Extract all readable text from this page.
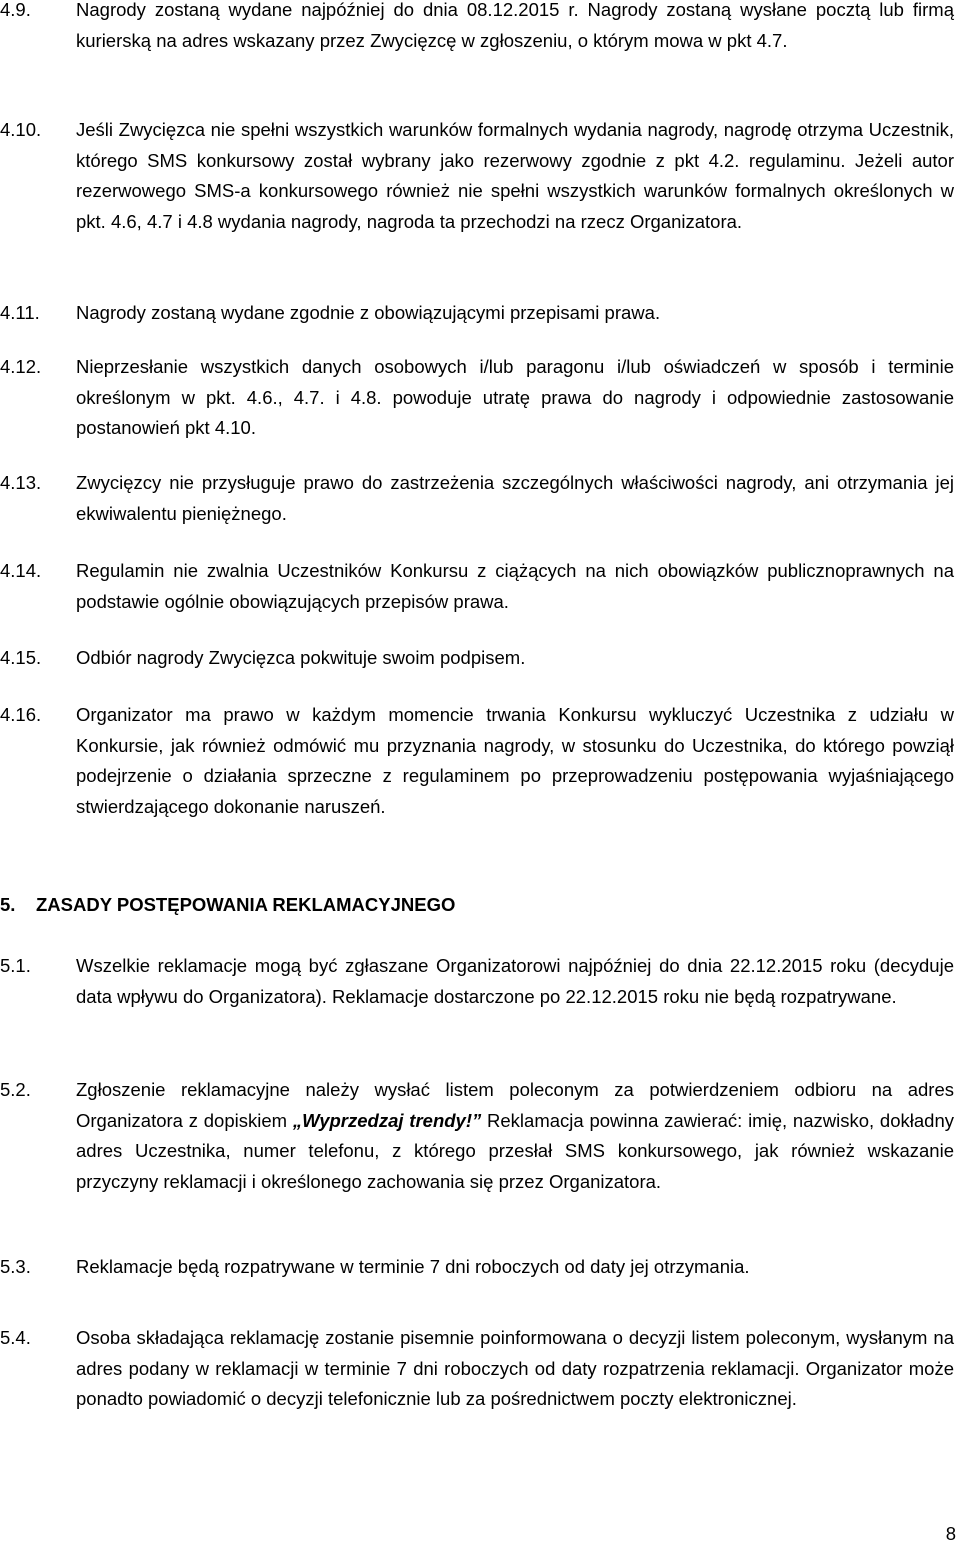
4.9.	Nagrody zostaną wydane najpóźniej do dnia 08.12.2015 r. Nagrody zostaną wysłane pocztą lub firmą kurierską na adres wskazany przez Zwycięzcę w zgłoszeniu, o którym mowa w pkt 4.7.

4.10.	Jeśli Zwycięzca nie spełni wszystkich warunków formalnych wydania nagrody, nagrodę otrzyma Uczestnik, którego SMS konkursowy został wybrany jako rezerwowy zgodnie z pkt 4.2. regulaminu. Jeżeli autor rezerwowego SMS-a konkursowego również nie spełni wszystkich warunków formalnych określonych w pkt. 4.6, 4.7 i 4.8 wydania nagrody, nagroda ta przechodzi na rzecz Organizatora.

4.11.	Nagrody zostaną wydane zgodnie z obowiązującymi przepisami prawa.

4.12.	Nieprzesłanie wszystkich danych osobowych i/lub paragonu i/lub oświadczeń w sposób i terminie określonym w pkt. 4.6., 4.7. i 4.8. powoduje utratę prawa do nagrody i odpowiednie zastosowanie postanowień pkt 4.10.

4.13.	Zwycięzcy nie przysługuje prawo do zastrzeżenia szczególnych właściwości nagrody, ani otrzymania jej ekwiwalentu pieniężnego.

4.14.	Regulamin nie zwalnia Uczestników Konkursu z ciążących na nich obowiązków publicznoprawnych na podstawie ogólnie obowiązujących przepisów prawa.

4.15.	Odbiór nagrody Zwycięzca pokwituje swoim podpisem.

4.16.	Organizator ma prawo w każdym momencie trwania Konkursu wykluczyć Uczestnika z udziału w Konkursie, jak również odmówić mu przyznania nagrody, w stosunku do Uczestnika, do którego powziął podejrzenie o działania sprzeczne z regulaminem po przeprowadzeniu postępowania wyjaśniającego stwierdzającego dokonanie naruszeń.

5.	ZASADY POSTĘPOWANIA REKLAMACYJNEGO
5.1.	Wszelkie reklamacje mogą być zgłaszane Organizatorowi najpóźniej do dnia 22.12.2015 roku (decyduje data wpływu do Organizatora). Reklamacje dostarczone po 22.12.2015 roku nie będą rozpatrywane.

5.2.	Zgłoszenie reklamacyjne należy wysłać listem poleconym za potwierdzeniem odbioru na adres Organizatora z dopiskiem „Wyprzedzaj trendy!” Reklamacja powinna zawierać: imię, nazwisko, dokładny adres Uczestnika, numer telefonu, z którego przesłał SMS konkursowego, jak również wskazanie przyczyny reklamacji i określonego zachowania się przez Organizatora.

5.3.	Reklamacje będą rozpatrywane w terminie 7 dni roboczych od daty jej otrzymania.

5.4.	Osoba składająca reklamację zostanie pisemnie poinformowana o decyzji listem poleconym, wysłanym na adres podany w reklamacji w terminie 7 dni roboczych od daty rozpatrzenia reklamacji. Organizator może ponadto powiadomić o decyzji telefonicznie lub za pośrednictwem poczty elektronicznej.

8
